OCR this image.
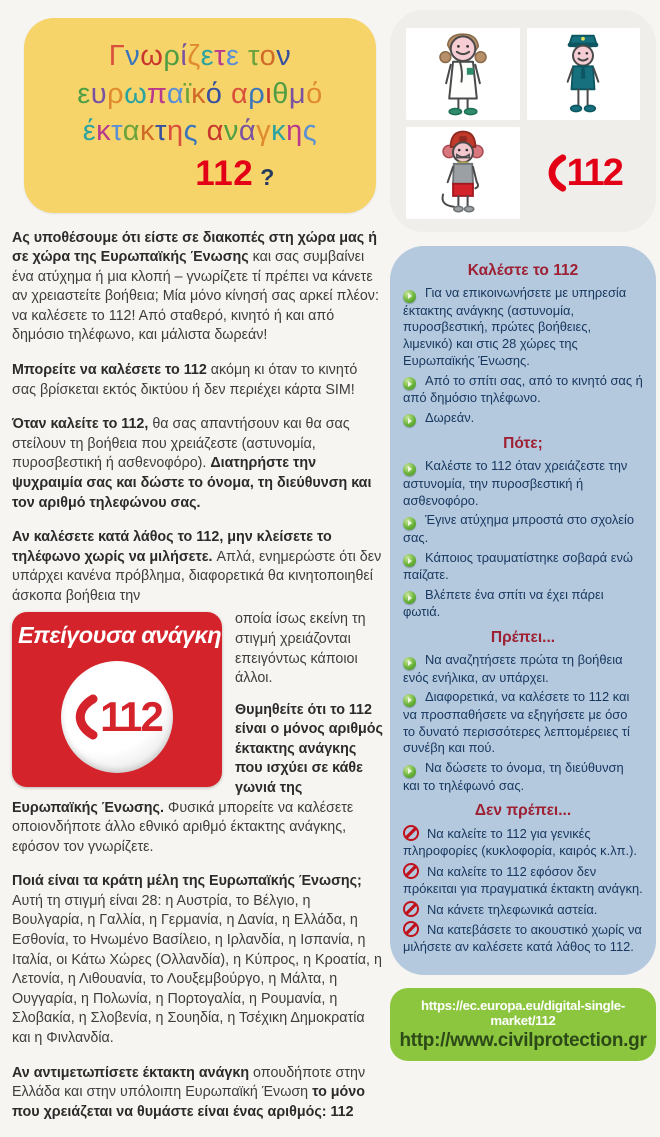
Γνωρίζετε τον
ευρωπαϊκό αριθμό
έκτακτης ανάγκης
112 ?

Ας υποθέσουμε ότι είστε σε διακοπές στη χώρα μας ή σε χώρα της Ευρωπαϊκής Ένωσης και σας συμβαίνει ένα ατύχημα ή μια κλοπή – γνωρίζετε τί πρέπει να κάνετε αν χρειαστείτε βοήθεια; Μία μόνο κίνησή σας αρκεί πλέον: να καλέσετε το 112! Από σταθερό, κινητό ή και από δημόσιο τηλέφωνο, και μάλιστα δωρεάν!

Μπορείτε να καλέσετε το 112 ακόμη κι όταν το κινητό σας βρίσκεται εκτός δικτύου ή δεν περιέχει κάρτα SIM!

Όταν καλείτε το 112, θα σας απαντήσουν και θα σας στείλουν τη βοήθεια που χρειάζεστε (αστυνομία, πυροσβεστική ή ασθενοφόρο). Διατηρήστε την ψυχραιμία σας και δώστε το όνομα, τη διεύθυνση και τον αριθμό τηλεφώνου σας.

Αν καλέσετε κατά λάθος το 112, μην κλείσετε το τηλέφωνο χωρίς να μιλήσετε. Απλά, ενημερώστε ότι δεν υπάρχει κανένα πρόβλημα, διαφορετικά θα κινητοποιηθεί άσκοπα βοήθεια την

Επείγουσα ανάγκη
112

οποία ίσως εκείνη τη στιγμή χρειάζονται επειγόντως κάποιοι άλλοι.

Θυμηθείτε ότι το 112 είναι ο μόνος αριθμός έκτακτης ανάγκης που ισχύει σε κάθε γωνιά της Ευρωπαϊκής Ένωσης. Φυσικά μπορείτε να καλέσετε οποιονδήποτε άλλο εθνικό αριθμό έκτακτης ανάγκης, εφόσον τον γνωρίζετε.

Ποιά είναι τα κράτη μέλη της Ευρωπαϊκής Ένωσης; Αυτή τη στιγμή είναι 28: η Αυστρία, το Βέλγιο, η Βουλγαρία, η Γαλλία, η Γερμανία, η Δανία, η Ελλάδα, η Εσθονία, το Ηνωμένο Βασίλειο, η Ιρλανδία, η Ισπανία, η Ιταλία, οι Κάτω Χώρες (Ολλανδία), η Κύπρος, η Κροατία, η Λετονία, η Λιθουανία, το Λουξεμβούργο, η Μάλτα, η Ουγγαρία, η Πολωνία, η Πορτογαλία, η Ρουμανία, η Σλοβακία, η Σλοβενία, η Σουηδία, η Τσέχικη Δημοκρατία και η Φινλανδία.

Αν αντιμετωπίσετε έκτακτη ανάγκη οπουδήποτε στην Ελλάδα και στην υπόλοιπη Ευρωπαϊκή Ένωση το μόνο που χρειάζεται να θυμάστε είναι ένας αριθμός: 112

112
Καλέστε το 112
Για να επικοινωνήσετε με υπηρεσία έκτακτης ανάγκης (αστυνομία, πυροσβεστική, πρώτες βοήθειες, λιμενικό) και στις 28 χώρες της Ευρωπαϊκής Ένωσης.
Από το σπίτι σας, από το κινητό σας ή από δημόσιο τηλέφωνο.
Δωρεάν.
Πότε;
Καλέστε το 112 όταν χρειάζεστε την αστυνομία, την πυροσβεστική ή ασθενοφόρο.
Έγινε ατύχημα μπροστά στο σχολείο σας.
Κάποιος τραυματίστηκε σοβαρά ενώ παίζατε.
Βλέπετε ένα σπίτι να έχει πάρει φωτιά.
Πρέπει...
Να αναζητήσετε πρώτα τη βοήθεια ενός ενήλικα, αν υπάρχει.
Διαφορετικά, να καλέσετε το 112 και να προσπαθήσετε να εξηγήσετε με όσο το δυνατό περισσότερες λεπτομέρειες τί συνέβη και πού.
Να δώσετε το όνομα, τη διεύθυνση και το τηλέφωνό σας.
Δεν πρέπει...
Να καλείτε το 112 για γενικές πληροφορίες (κυκλοφορία, καιρός κ.λπ.).
Να καλείτε το 112 εφόσον δεν πρόκειται για πραγματικά έκτακτη ανάγκη.
Να κάνετε τηλεφωνικά αστεία.
Να κατεβάσετε το ακουστικό χωρίς να μιλήσετε αν καλέσετε κατά λάθος το 112.
https://ec.europa.eu/digital-single-market/112
http://www.civilprotection.gr
